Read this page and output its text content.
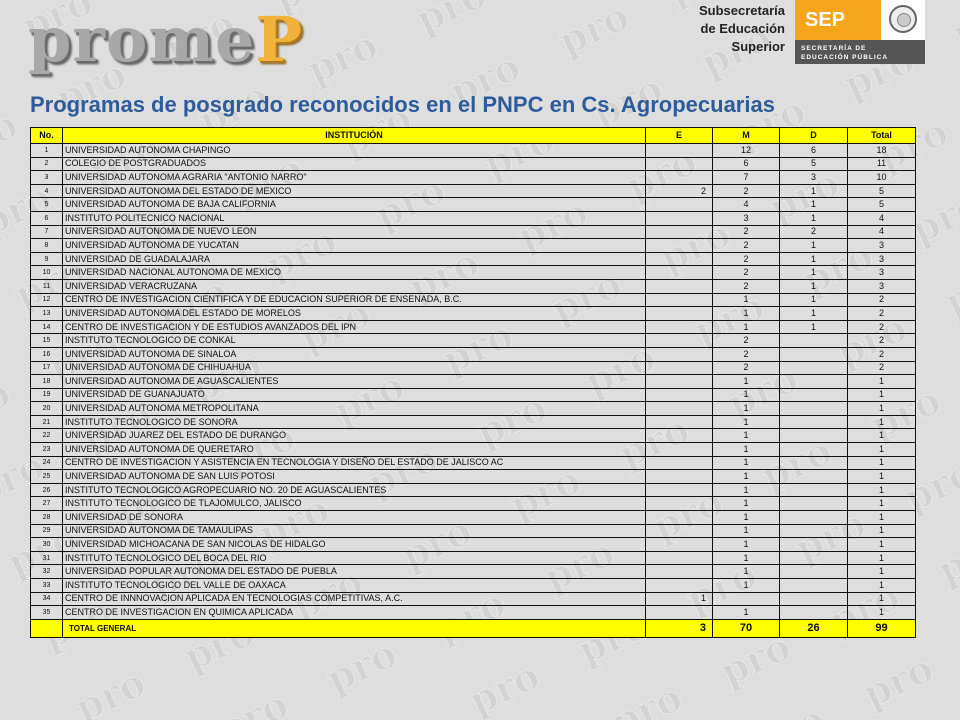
promeP	Subsecretaría
de Educación
Superior
SEP
SECRETARÍA DE
EDUCACIÓN PÚBLICA
Programas de posgrado reconocidos en el PNPC en Cs. Agropecuarias
No.	INSTITUCIÓN	E	M	D	Total
1	UNIVERSIDAD AUTONOMA CHAPINGO		12	6	18
2	COLEGIO DE POSTGRADUADOS		6	5	11
3	UNIVERSIDAD AUTONOMA AGRARIA "ANTONIO NARRO"		7	3	10
4	UNIVERSIDAD AUTONOMA DEL ESTADO DE MEXICO	2	2	1	5
5	UNIVERSIDAD AUTONOMA DE BAJA CALIFORNIA		4	1	5
6	INSTITUTO POLITECNICO NACIONAL		3	1	4
7	UNIVERSIDAD AUTONOMA DE NUEVO LEON		2	2	4
8	UNIVERSIDAD AUTONOMA DE YUCATAN		2	1	3
9	UNIVERSIDAD DE GUADALAJARA		2	1	3
10	UNIVERSIDAD NACIONAL AUTONOMA DE MEXICO		2	1	3
11	UNIVERSIDAD VERACRUZANA		2	1	3
12	CENTRO DE INVESTIGACION CIENTIFICA Y DE EDUCACION SUPERIOR DE ENSENADA, B.C.		1	1	2
13	UNIVERSIDAD AUTONOMA DEL ESTADO DE MORELOS		1	1	2
14	CENTRO DE INVESTIGACION Y DE ESTUDIOS AVANZADOS DEL IPN		1	1	2
15	INSTITUTO TECNOLOGICO DE CONKAL		2		2
16	UNIVERSIDAD AUTONOMA DE SINALOA		2		2
17	UNIVERSIDAD AUTONOMA DE CHIHUAHUA		2		2
18	UNIVERSIDAD AUTONOMA DE AGUASCALIENTES		1		1
19	UNIVERSIDAD DE GUANAJUATO		1		1
20	UNIVERSIDAD AUTONOMA METROPOLITANA		1		1
21	INSTITUTO TECNOLOGICO DE SONORA		1		1
22	UNIVERSIDAD JUAREZ DEL ESTADO DE DURANGO		1		1
23	UNIVERSIDAD AUTONOMA DE QUERETARO		1		1
24	CENTRO DE INVESTIGACION Y ASISTENCIA EN TECNOLOGIA Y DISEÑO DEL ESTADO DE JALISCO AC		1		1
25	UNIVERSIDAD AUTONOMA DE SAN LUIS POTOSI		1		1
26	INSTITUTO TECNOLOGICO AGROPECUARIO NO. 20 DE AGUASCALIENTES		1		1
27	INSTITUTO TECNOLOGICO DE TLAJOMULCO, JALISCO		1		1
28	UNIVERSIDAD DE SONORA		1		1
29	UNIVERSIDAD AUTONOMA DE TAMAULIPAS		1		1
30	UNIVERSIDAD MICHOACANA DE SAN NICOLAS DE HIDALGO		1		1
31	INSTITUTO TECNOLOGICO DEL BOCA DEL RIO		1		1
32	UNIVERSIDAD POPULAR AUTONOMA DEL ESTADO DE PUEBLA		1		1
33	INSTITUTO TECNOLOGICO DEL VALLE DE OAXACA		1		1
34	CENTRO DE INNNOVACION APLICADA EN TECNOLOGIAS COMPETITIVAS, A.C.	1			1
35	CENTRO DE INVESTIGACION EN QUIMICA APLICADA		1		1
	TOTAL GENERAL	3	70	26	99
